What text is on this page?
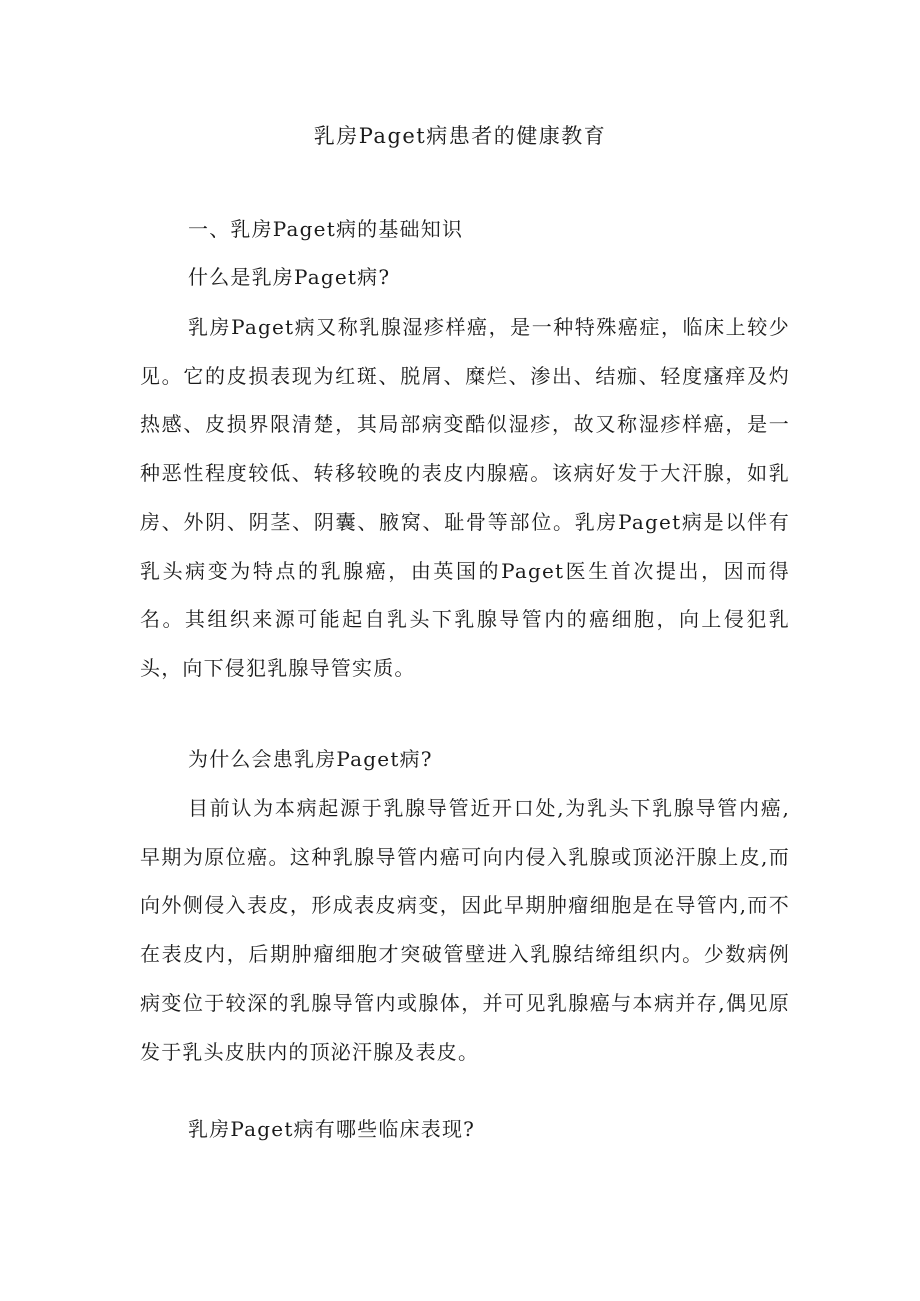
乳房Paget病患者的健康教育
一、乳房Paget病的基础知识

什么是乳房Paget病?

乳房Paget病又称乳腺湿疹样癌，是一种特殊癌症，临床上较少见。它的皮损表现为红斑、脱屑、糜烂、渗出、结痂、轻度瘙痒及灼热感、皮损界限清楚，其局部病变酷似湿疹，故又称湿疹样癌，是一种恶性程度较低、转移较晚的表皮内腺癌。该病好发于大汗腺，如乳房、外阴、阴茎、阴囊、腋窝、耻骨等部位。乳房Paget病是以伴有乳头病变为特点的乳腺癌，由英国的Paget医生首次提出，因而得名。其组织来源可能起自乳头下乳腺导管内的癌细胞，向上侵犯乳头，向下侵犯乳腺导管实质。

为什么会患乳房Paget病?

目前认为本病起源于乳腺导管近开口处,为乳头下乳腺导管内癌,早期为原位癌。这种乳腺导管内癌可向内侵入乳腺或顶泌汗腺上皮,而向外侧侵入表皮，形成表皮病变，因此早期肿瘤细胞是在导管内,而不在表皮内，后期肿瘤细胞才突破管壁进入乳腺结缔组织内。少数病例病变位于较深的乳腺导管内或腺体，并可见乳腺癌与本病并存,偶见原发于乳头皮肤内的顶泌汗腺及表皮。

乳房Paget病有哪些临床表现?
